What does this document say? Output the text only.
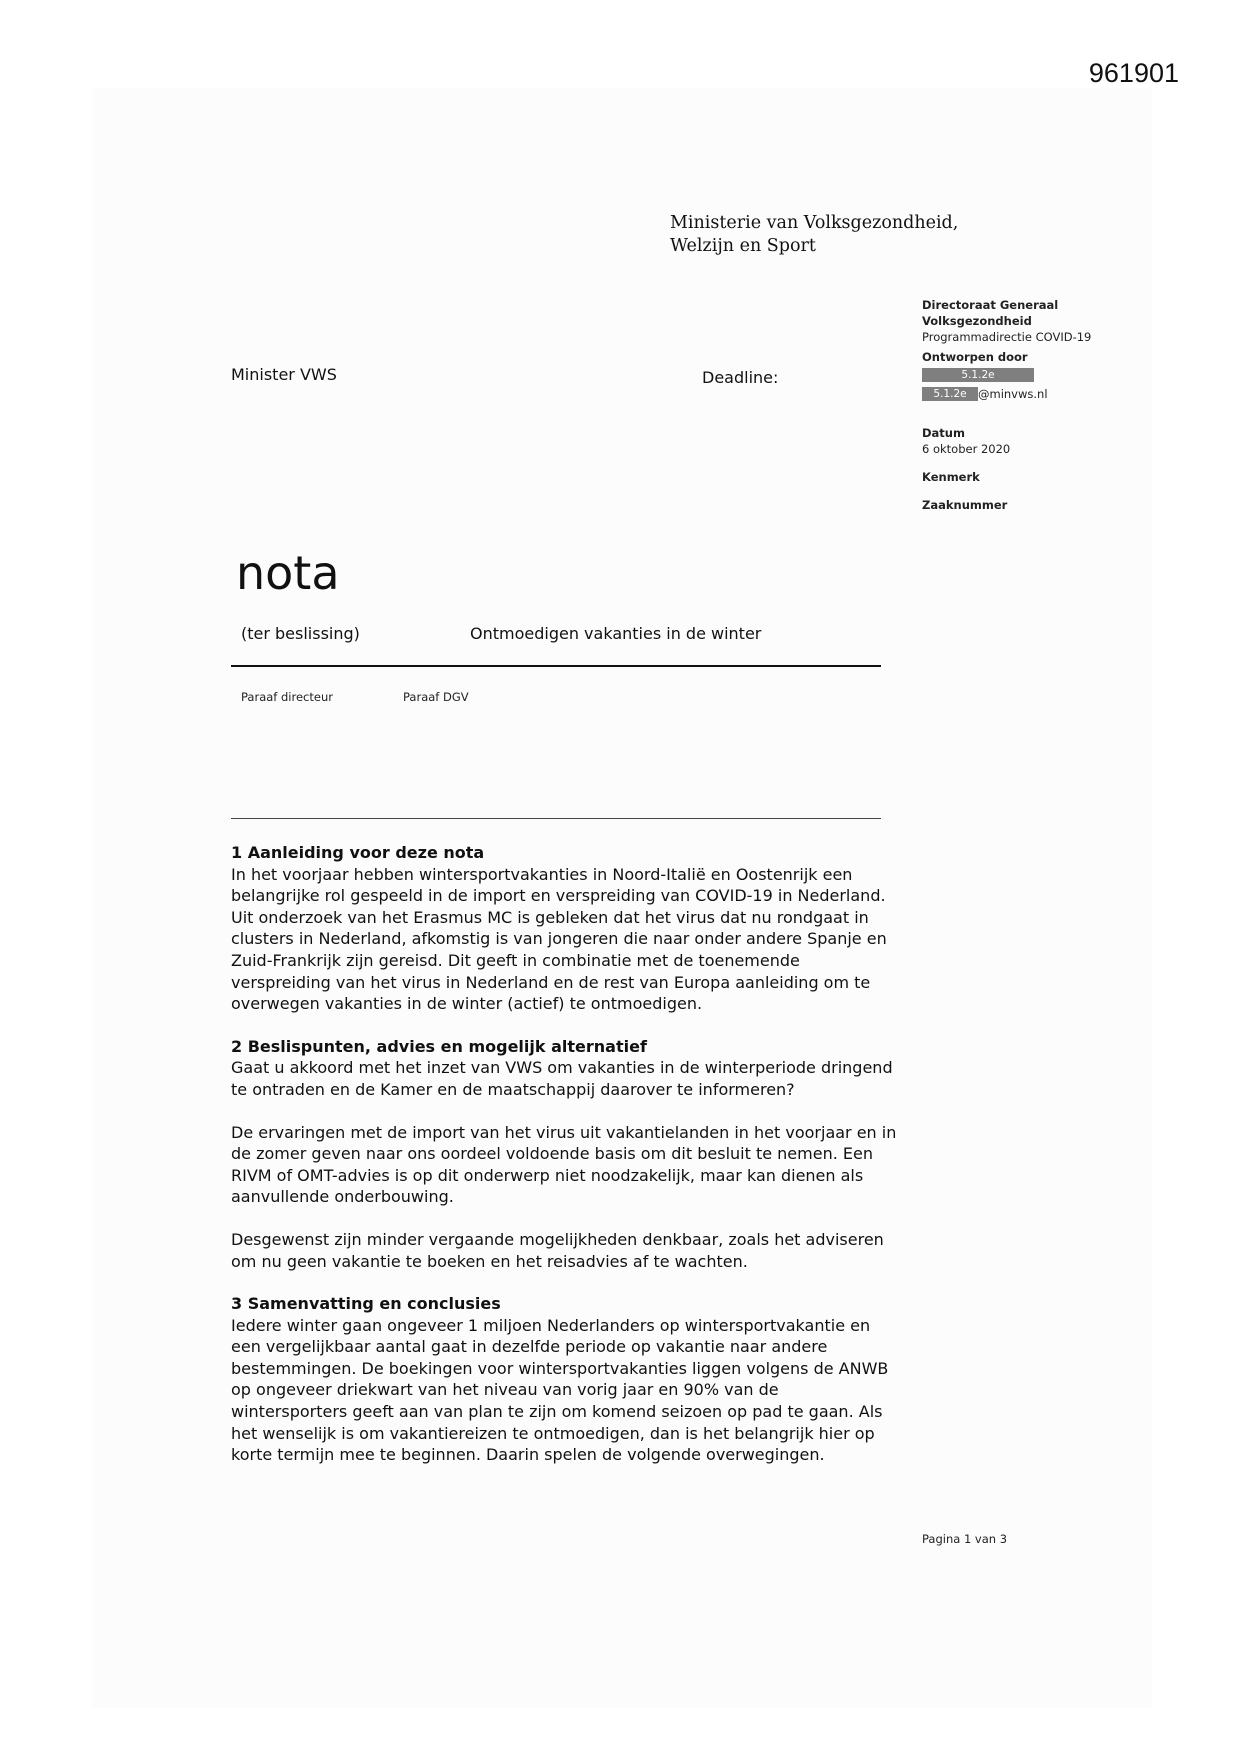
961901
Ministerie van Volksgezondheid,
Welzijn en Sport
Directoraat Generaal
Volksgezondheid
Programmadirectie COVID-19
Ontworpen door
5.1.2e
5.1.2e @minvws.nl
Datum
6 oktober 2020
Kenmerk
Zaaknummer
Minister VWS	Deadline:
nota
(ter beslissing)	Ontmoedigen vakanties in de winter
Paraaf directeur	Paraaf DGV
1 Aanleiding voor deze nota

In het voorjaar hebben wintersportvakanties in Noord-Italië en Oostenrijk een

belangrijke rol gespeeld in de import en verspreiding van COVID-19 in Nederland.

Uit onderzoek van het Erasmus MC is gebleken dat het virus dat nu rondgaat in

clusters in Nederland, afkomstig is van jongeren die naar onder andere Spanje en

Zuid-Frankrijk zijn gereisd. Dit geeft in combinatie met de toenemende

verspreiding van het virus in Nederland en de rest van Europa aanleiding om te

overwegen vakanties in de winter (actief) te ontmoedigen.

2 Beslispunten, advies en mogelijk alternatief

Gaat u akkoord met het inzet van VWS om vakanties in de winterperiode dringend

te ontraden en de Kamer en de maatschappij daarover te informeren?

De ervaringen met de import van het virus uit vakantielanden in het voorjaar en in

de zomer geven naar ons oordeel voldoende basis om dit besluit te nemen. Een

RIVM of OMT-advies is op dit onderwerp niet noodzakelijk, maar kan dienen als

aanvullende onderbouwing.

Desgewenst zijn minder vergaande mogelijkheden denkbaar, zoals het adviseren

om nu geen vakantie te boeken en het reisadvies af te wachten.

3 Samenvatting en conclusies

Iedere winter gaan ongeveer 1 miljoen Nederlanders op wintersportvakantie en

een vergelijkbaar aantal gaat in dezelfde periode op vakantie naar andere

bestemmingen. De boekingen voor wintersportvakanties liggen volgens de ANWB

op ongeveer driekwart van het niveau van vorig jaar en 90% van de

wintersporters geeft aan van plan te zijn om komend seizoen op pad te gaan. Als

het wenselijk is om vakantiereizen te ontmoedigen, dan is het belangrijk hier op

korte termijn mee te beginnen. Daarin spelen de volgende overwegingen.

Pagina 1 van 3
